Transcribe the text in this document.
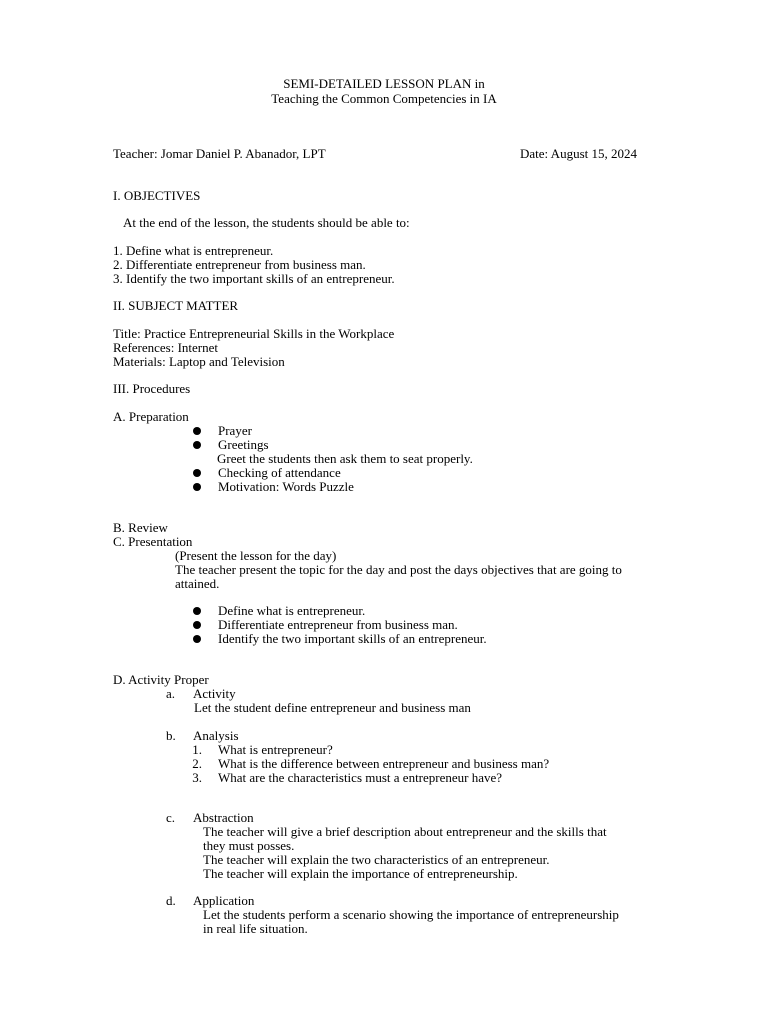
SEMI-DETAILED LESSON PLAN in
Teaching the Common Competencies in IA
Teacher: Jomar Daniel P. Abanador, LPT	Date: August 15, 2024
I. OBJECTIVES
At the end of the lesson, the students should be able to:
1. Define what is entrepreneur.
2. Differentiate entrepreneur from business man.
3. Identify the two important skills of an entrepreneur.
II. SUBJECT MATTER
Title: Practice Entrepreneurial Skills in the Workplace
References: Internet
Materials: Laptop and Television
III. Procedures
A. Preparation
Prayer
Greetings
Greet the students then ask them to seat properly.
Checking of attendance
Motivation: Words Puzzle
B. Review
C. Presentation
(Present the lesson for the day)
The teacher present the topic for the day and post the days objectives that are going to
attained.
Define what is entrepreneur.
Differentiate entrepreneur from business man.
Identify the two important skills of an entrepreneur.
D. Activity Proper
a. Activity
Let the student define entrepreneur and business man
b. Analysis
1. What is entrepreneur?
2. What is the difference between entrepreneur and business man?
3. What are the characteristics must a entrepreneur have?
c. Abstraction
The teacher will give a brief description about entrepreneur and the skills that
they must posses.
The teacher will explain the two characteristics of an entrepreneur.
The teacher will explain the importance of entrepreneurship.
d. Application
Let the students perform a scenario showing the importance of entrepreneurship
in real life situation.
